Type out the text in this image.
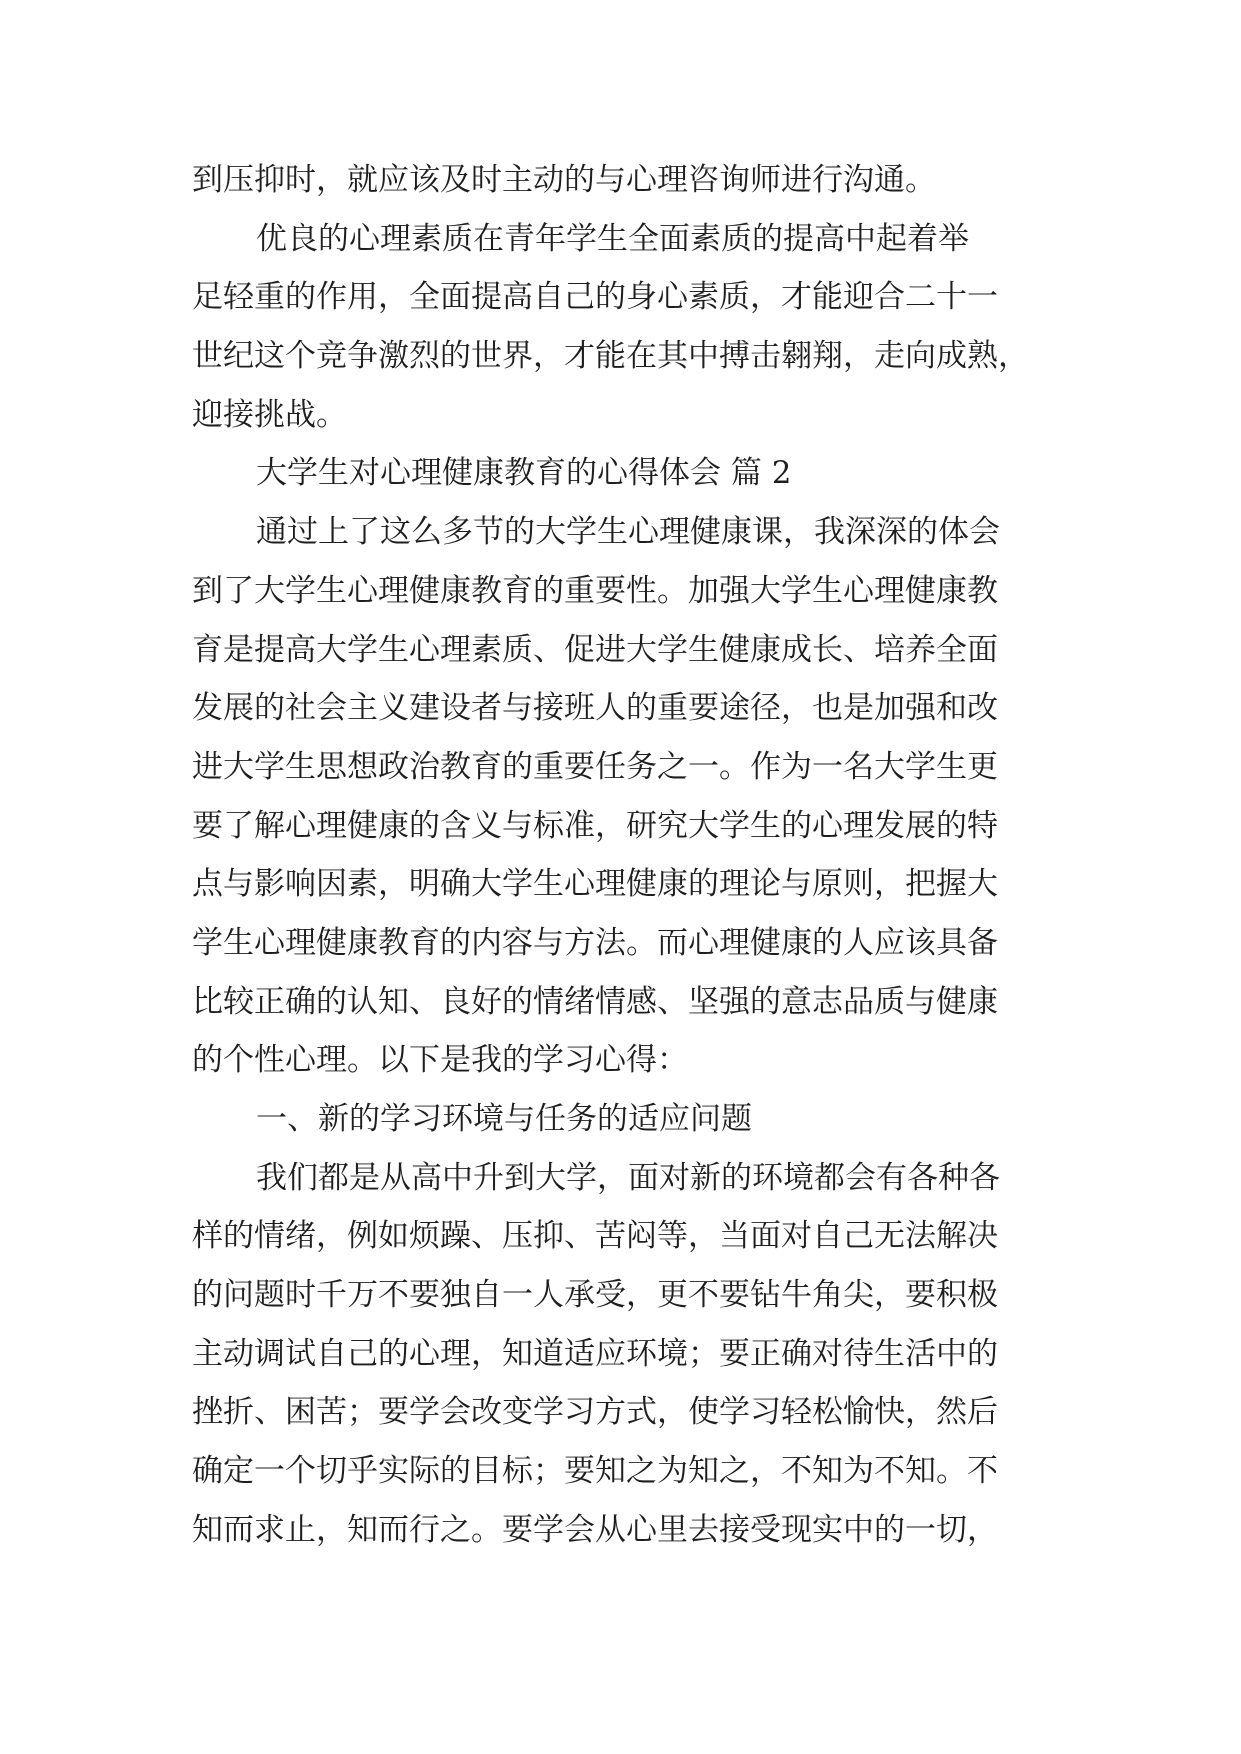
到压抑时，就应该及时主动的与心理咨询师进行沟通。
优良的心理素质在青年学生全面素质的提高中起着举
足轻重的作用，全面提高自己的身心素质，才能迎合二十一
世纪这个竞争激烈的世界，才能在其中搏击翱翔，走向成熟，
迎接挑战。
大学生对心理健康教育的心得体会 篇 2
通过上了这么多节的大学生心理健康课，我深深的体会
到了大学生心理健康教育的重要性。加强大学生心理健康教
育是提高大学生心理素质、促进大学生健康成长、培养全面
发展的社会主义建设者与接班人的重要途径，也是加强和改
进大学生思想政治教育的重要任务之一。作为一名大学生更
要了解心理健康的含义与标准，研究大学生的心理发展的特
点与影响因素，明确大学生心理健康的理论与原则，把握大
学生心理健康教育的内容与方法。而心理健康的人应该具备
比较正确的认知、良好的情绪情感、坚强的意志品质与健康
的个性心理。以下是我的学习心得：
一、新的学习环境与任务的适应问题
我们都是从高中升到大学，面对新的环境都会有各种各
样的情绪，例如烦躁、压抑、苦闷等，当面对自己无法解决
的问题时千万不要独自一人承受，更不要钻牛角尖，要积极
主动调试自己的心理，知道适应环境；要正确对待生活中的
挫折、困苦；要学会改变学习方式，使学习轻松愉快，然后
确定一个切乎实际的目标；要知之为知之，不知为不知。不
知而求止，知而行之。要学会从心里去接受现实中的一切，
